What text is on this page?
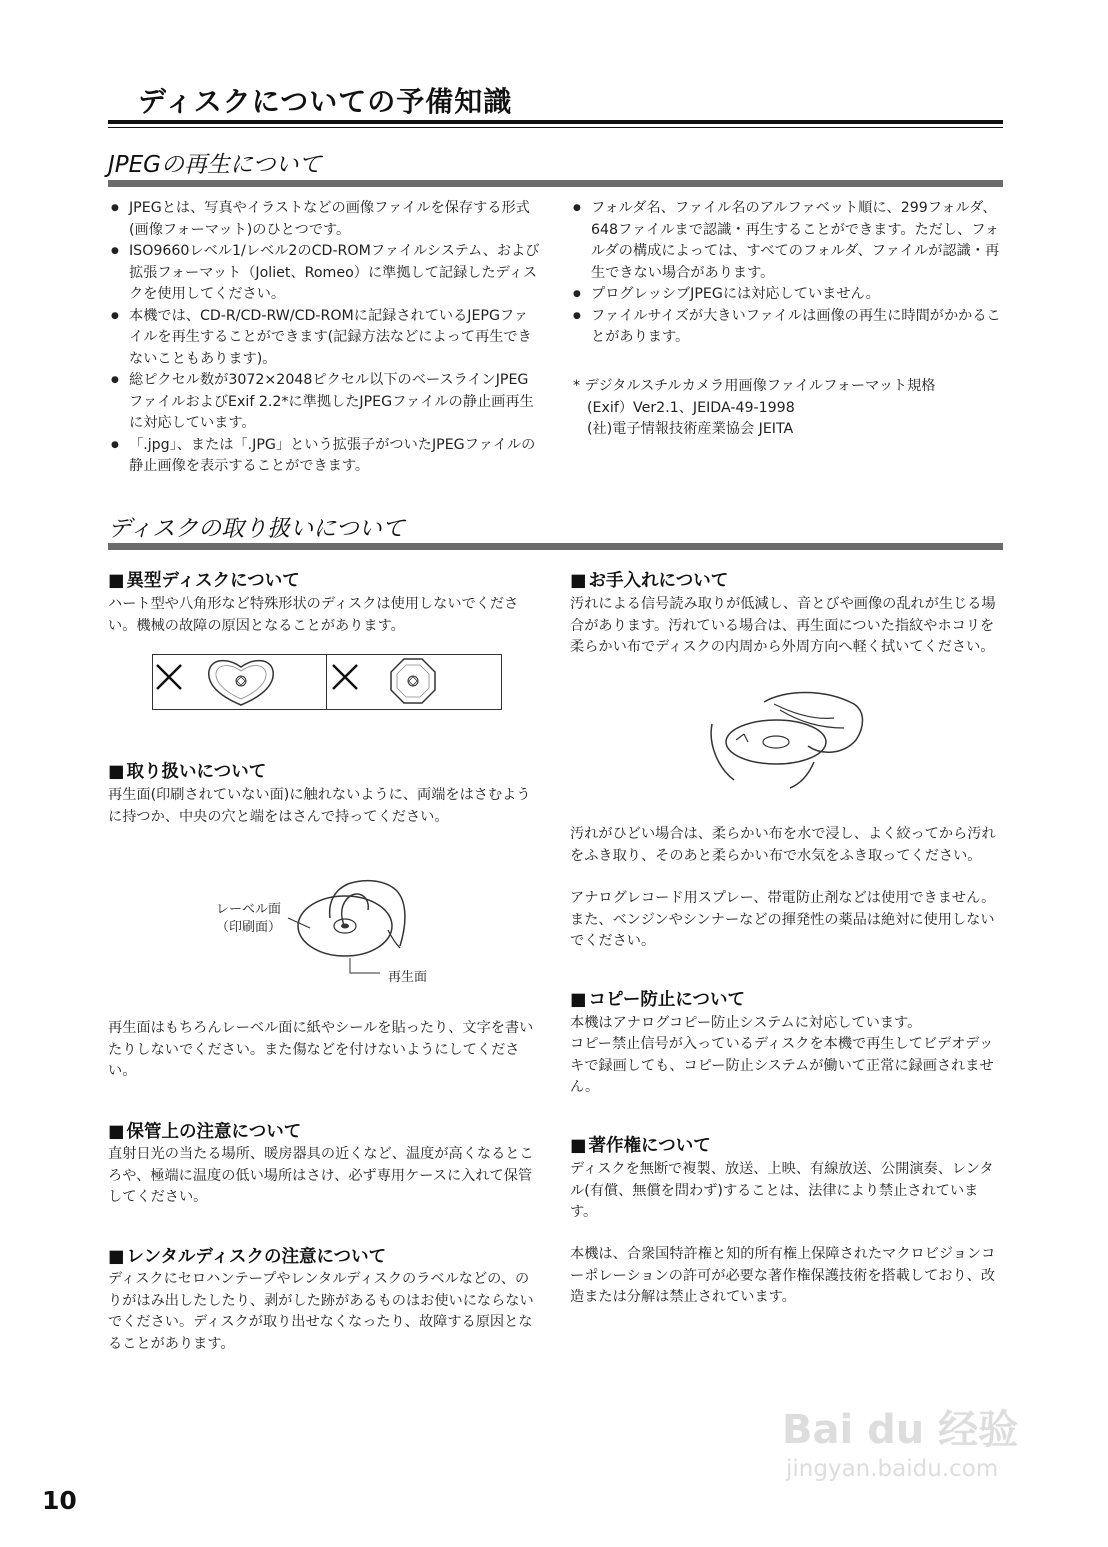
ディスクについての予備知識
JPEGの再生について
● JPEGとは、写真やイラストなどの画像ファイルを保存する形式(画像フォーマット)のひとつです。
● ISO9660レベル1/レベル2のCD-ROMファイルシステム、および拡張フォーマット（Joliet、Romeo）に準拠して記録したディスクを使用してください。
● 本機では、CD-R/CD-RW/CD-ROMに記録されているJEPGファイルを再生することができます(記録方法などによって再生できないこともあります)。
● 総ピクセル数が3072×2048ピクセル以下のベースラインJPEGファイルおよびExif 2.2*に準拠したJPEGファイルの静止画再生に対応しています。
● 「.jpg」、または「.JPG」という拡張子がついたJPEGファイルの静止画像を表示することができます。
● フォルダ名、ファイル名のアルファベット順に、299フォルダ、648ファイルまで認識・再生することができます。ただし、フォルダの構成によっては、すべてのフォルダ、ファイルが認識・再生できない場合があります。
● プログレッシブJPEGには対応していません。
● ファイルサイズが大きいファイルは画像の再生に時間がかかることがあります。
* デジタルスチルカメラ用画像ファイルフォーマット規格
(Exif）Ver2.1、JEIDA-49-1998
(社)電子情報技術産業協会 JEITA
ディスクの取り扱いについて
■ 異型ディスクについて
ハート型や八角形など特殊形状のディスクは使用しないでください。機械の故障の原因となることがあります。
■ 取り扱いについて
再生面(印刷されていない面)に触れないように、両端をはさむように持つか、中央の穴と端をはさんで持ってください。
レーベル面
（印刷面）
再生面
再生面はもちろんレーベル面に紙やシールを貼ったり、文字を書いたりしないでください。また傷などを付けないようにしてください。
■ 保管上の注意について
直射日光の当たる場所、暖房器具の近くなど、温度が高くなるところや、極端に温度の低い場所はさけ、必ず専用ケースに入れて保管してください。
■ レンタルディスクの注意について
ディスクにセロハンテープやレンタルディスクのラベルなどの、のりがはみ出したしたり、剥がした跡があるものはお使いにならないでください。ディスクが取り出せなくなったり、故障する原因となることがあります。
■ お手入れについて
汚れによる信号読み取りが低減し、音とびや画像の乱れが生じる場合があります。汚れている場合は、再生面についた指紋やホコリを柔らかい布でディスクの内周から外周方向へ軽く拭いてください。
汚れがひどい場合は、柔らかい布を水で浸し、よく絞ってから汚れをふき取り、そのあと柔らかい布で水気をふき取ってください。
アナログレコード用スプレー、帯電防止剤などは使用できません。また、ベンジンやシンナーなどの揮発性の薬品は絶対に使用しないでください。
■ コピー防止について
本機はアナログコピー防止システムに対応しています。
コピー禁止信号が入っているディスクを本機で再生してビデオデッキで録画しても、コピー防止システムが働いて正常に録画されません。
■ 著作権について
ディスクを無断で複製、放送、上映、有線放送、公開演奏、レンタル(有償、無償を問わず)することは、法律により禁止されています。
本機は、合衆国特許権と知的所有権上保障されたマクロビジョンコーポレーションの許可が必要な著作権保護技術を搭載しており、改造または分解は禁止されています。
10
Bai du 经验
jingyan.baidu.com
